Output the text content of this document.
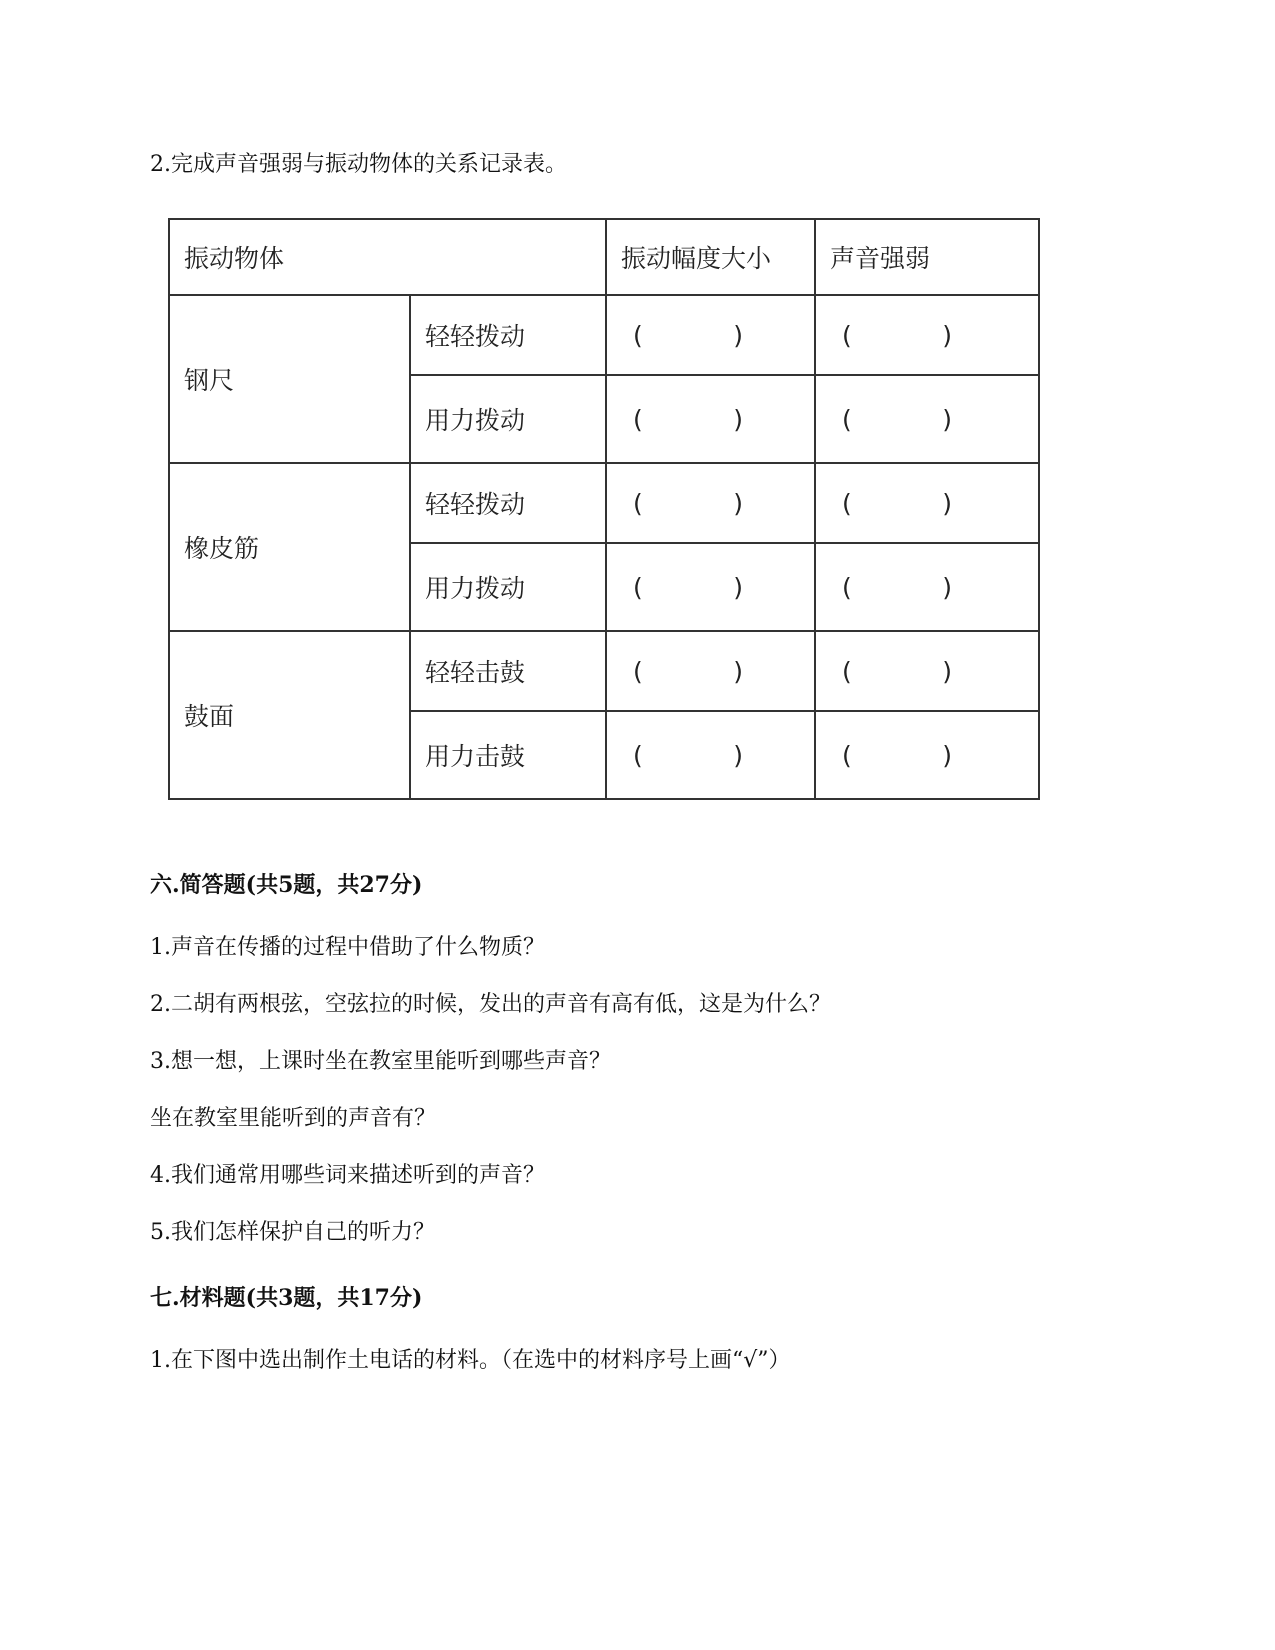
2.完成声音强弱与振动物体的关系记录表。
振动物体		振动幅度大小	声音强弱
钢尺	轻轻拨动	( )	( )

	用力拨动	( )	( )

橡皮筋	轻轻拨动	( )	( )

	用力拨动	( )	( )

鼓面	轻轻击鼓	( )	( )

	用力击鼓	( )	( )
六.简答题(共5题，共27分)
1.声音在传播的过程中借助了什么物质？
2.二胡有两根弦，空弦拉的时候，发出的声音有高有低，这是为什么？
3.想一想，上课时坐在教室里能听到哪些声音？
坐在教室里能听到的声音有？
4.我们通常用哪些词来描述听到的声音？
5.我们怎样保护自己的听力？
七.材料题(共3题，共17分)
1.在下图中选出制作土电话的材料。（在选中的材料序号上画“√”）
